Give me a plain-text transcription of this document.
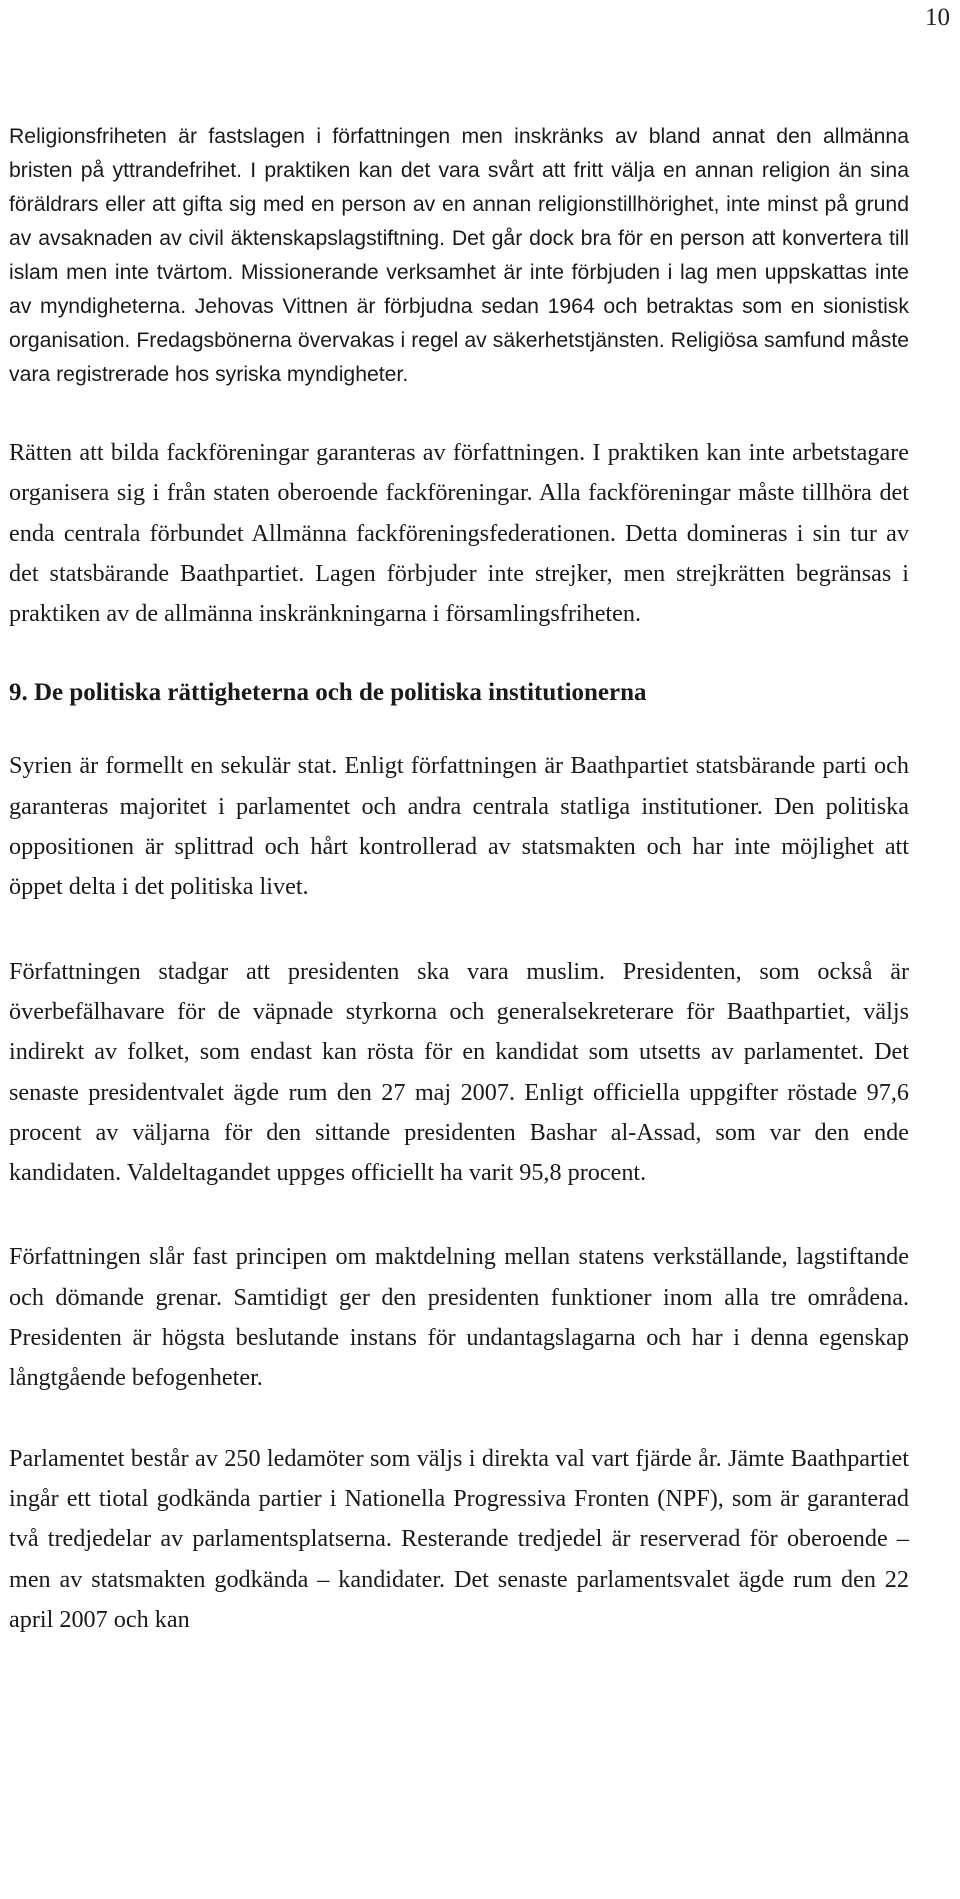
10

Religionsfriheten är fastslagen i författningen men inskränks av bland annat den allmänna bristen på yttrandefrihet. I praktiken kan det vara svårt att fritt välja en annan religion än sina föräldrars eller att gifta sig med en person av en annan religionstillhörighet, inte minst på grund av avsaknaden av civil äktenskapslagstiftning. Det går dock bra för en person att konvertera till islam men inte tvärtom. Missionerande verksamhet är inte förbjuden i lag men uppskattas inte av myndigheterna. Jehovas Vittnen är förbjudna sedan 1964 och betraktas som en sionistisk organisation. Fredagsbönerna övervakas i regel av säkerhetstjänsten. Religiösa samfund måste vara registrerade hos syriska myndigheter.

Rätten att bilda fackföreningar garanteras av författningen. I praktiken kan inte arbetstagare organisera sig i från staten oberoende fackföreningar. Alla fackföreningar måste tillhöra det enda centrala förbundet Allmänna fackföreningsfederationen. Detta domineras i sin tur av det statsbärande Baathpartiet. Lagen förbjuder inte strejker, men strejkrätten begränsas i praktiken av de allmänna inskränkningarna i församlingsfriheten.

9. De politiska rättigheterna och de politiska institutionerna

Syrien är formellt en sekulär stat. Enligt författningen är Baathpartiet statsbärande parti och garanteras majoritet i parlamentet och andra centrala statliga institutioner. Den politiska oppositionen är splittrad och hårt kontrollerad av statsmakten och har inte möjlighet att öppet delta i det politiska livet.

Författningen stadgar att presidenten ska vara muslim. Presidenten, som också är överbefälhavare för de väpnade styrkorna och generalsekreterare för Baathpartiet, väljs indirekt av folket, som endast kan rösta för en kandidat som utsetts av parlamentet. Det senaste presidentvalet ägde rum den 27 maj 2007. Enligt officiella uppgifter röstade 97,6 procent av väljarna för den sittande presidenten Bashar al-Assad, som var den ende kandidaten. Valdeltagandet uppges officiellt ha varit 95,8 procent.

Författningen slår fast principen om maktdelning mellan statens verkställande, lagstiftande och dömande grenar. Samtidigt ger den presidenten funktioner inom alla tre områdena. Presidenten är högsta beslutande instans för undantagslagarna och har i denna egenskap långtgående befogenheter.

Parlamentet består av 250 ledamöter som väljs i direkta val vart fjärde år. Jämte Baathpartiet ingår ett tiotal godkända partier i Nationella Progressiva Fronten (NPF), som är garanterad två tredjedelar av parlamentsplatserna. Resterande tredjedel är reserverad för oberoende – men av statsmakten godkända – kandidater. Det senaste parlamentsvalet ägde rum den 22 april 2007 och kan
